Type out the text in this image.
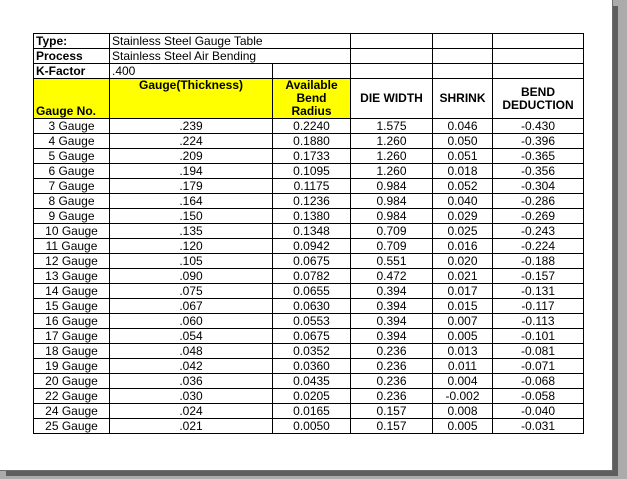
Type:	Stainless Steel Gauge Table				
Process	Stainless Steel Air Bending				
K-Factor	.400				
Gauge No.	Gauge(Thickness)	Available Bend Radius	DIE WIDTH	SHRINK	BEND DEDUCTION
3 Gauge	.239	0.2240	1.575	0.046	-0.430
4 Gauge	.224	0.1880	1.260	0.050	-0.396
5 Gauge	.209	0.1733	1.260	0.051	-0.365
6 Gauge	.194	0.1095	1.260	0.018	-0.356
7 Gauge	.179	0.1175	0.984	0.052	-0.304
8 Gauge	.164	0.1236	0.984	0.040	-0.286
9 Gauge	.150	0.1380	0.984	0.029	-0.269
10 Gauge	.135	0.1348	0.709	0.025	-0.243
11 Gauge	.120	0.0942	0.709	0.016	-0.224
12 Gauge	.105	0.0675	0.551	0.020	-0.188
13 Gauge	.090	0.0782	0.472	0.021	-0.157
14 Gauge	.075	0.0655	0.394	0.017	-0.131
15 Gauge	.067	0.0630	0.394	0.015	-0.117
16 Gauge	.060	0.0553	0.394	0.007	-0.113
17 Gauge	.054	0.0675	0.394	0.005	-0.101
18 Gauge	.048	0.0352	0.236	0.013	-0.081
19 Gauge	.042	0.0360	0.236	0.011	-0.071
20 Gauge	.036	0.0435	0.236	0.004	-0.068
22 Gauge	.030	0.0205	0.236	-0.002	-0.058
24 Gauge	.024	0.0165	0.157	0.008	-0.040
25 Gauge	.021	0.0050	0.157	0.005	-0.031
